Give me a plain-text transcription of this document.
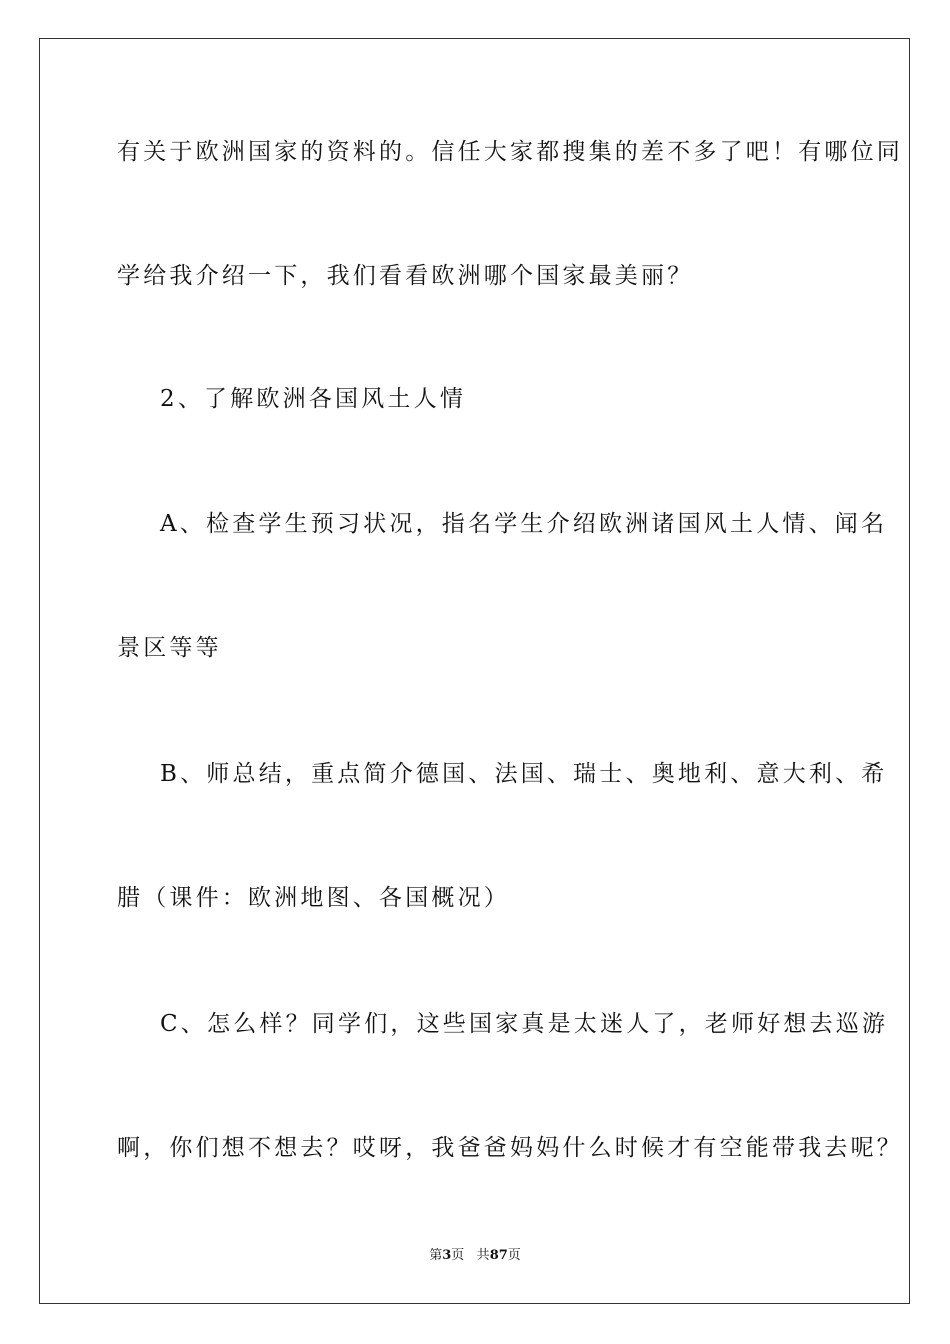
有关于欧洲国家的资料的。信任大家都搜集的差不多了吧！有哪位同
学给我介绍一下，我们看看欧洲哪个国家最美丽？
2、了解欧洲各国风土人情
A、检查学生预习状况，指名学生介绍欧洲诸国风土人情、闻名
景区等等
B、师总结，重点简介德国、法国、瑞士、奥地利、意大利、希
腊（课件：欧洲地图、各国概况）
C、怎么样？同学们，这些国家真是太迷人了，老师好想去巡游
啊，你们想不想去？哎呀，我爸爸妈妈什么时候才有空能带我去呢？
第3页 共87页
